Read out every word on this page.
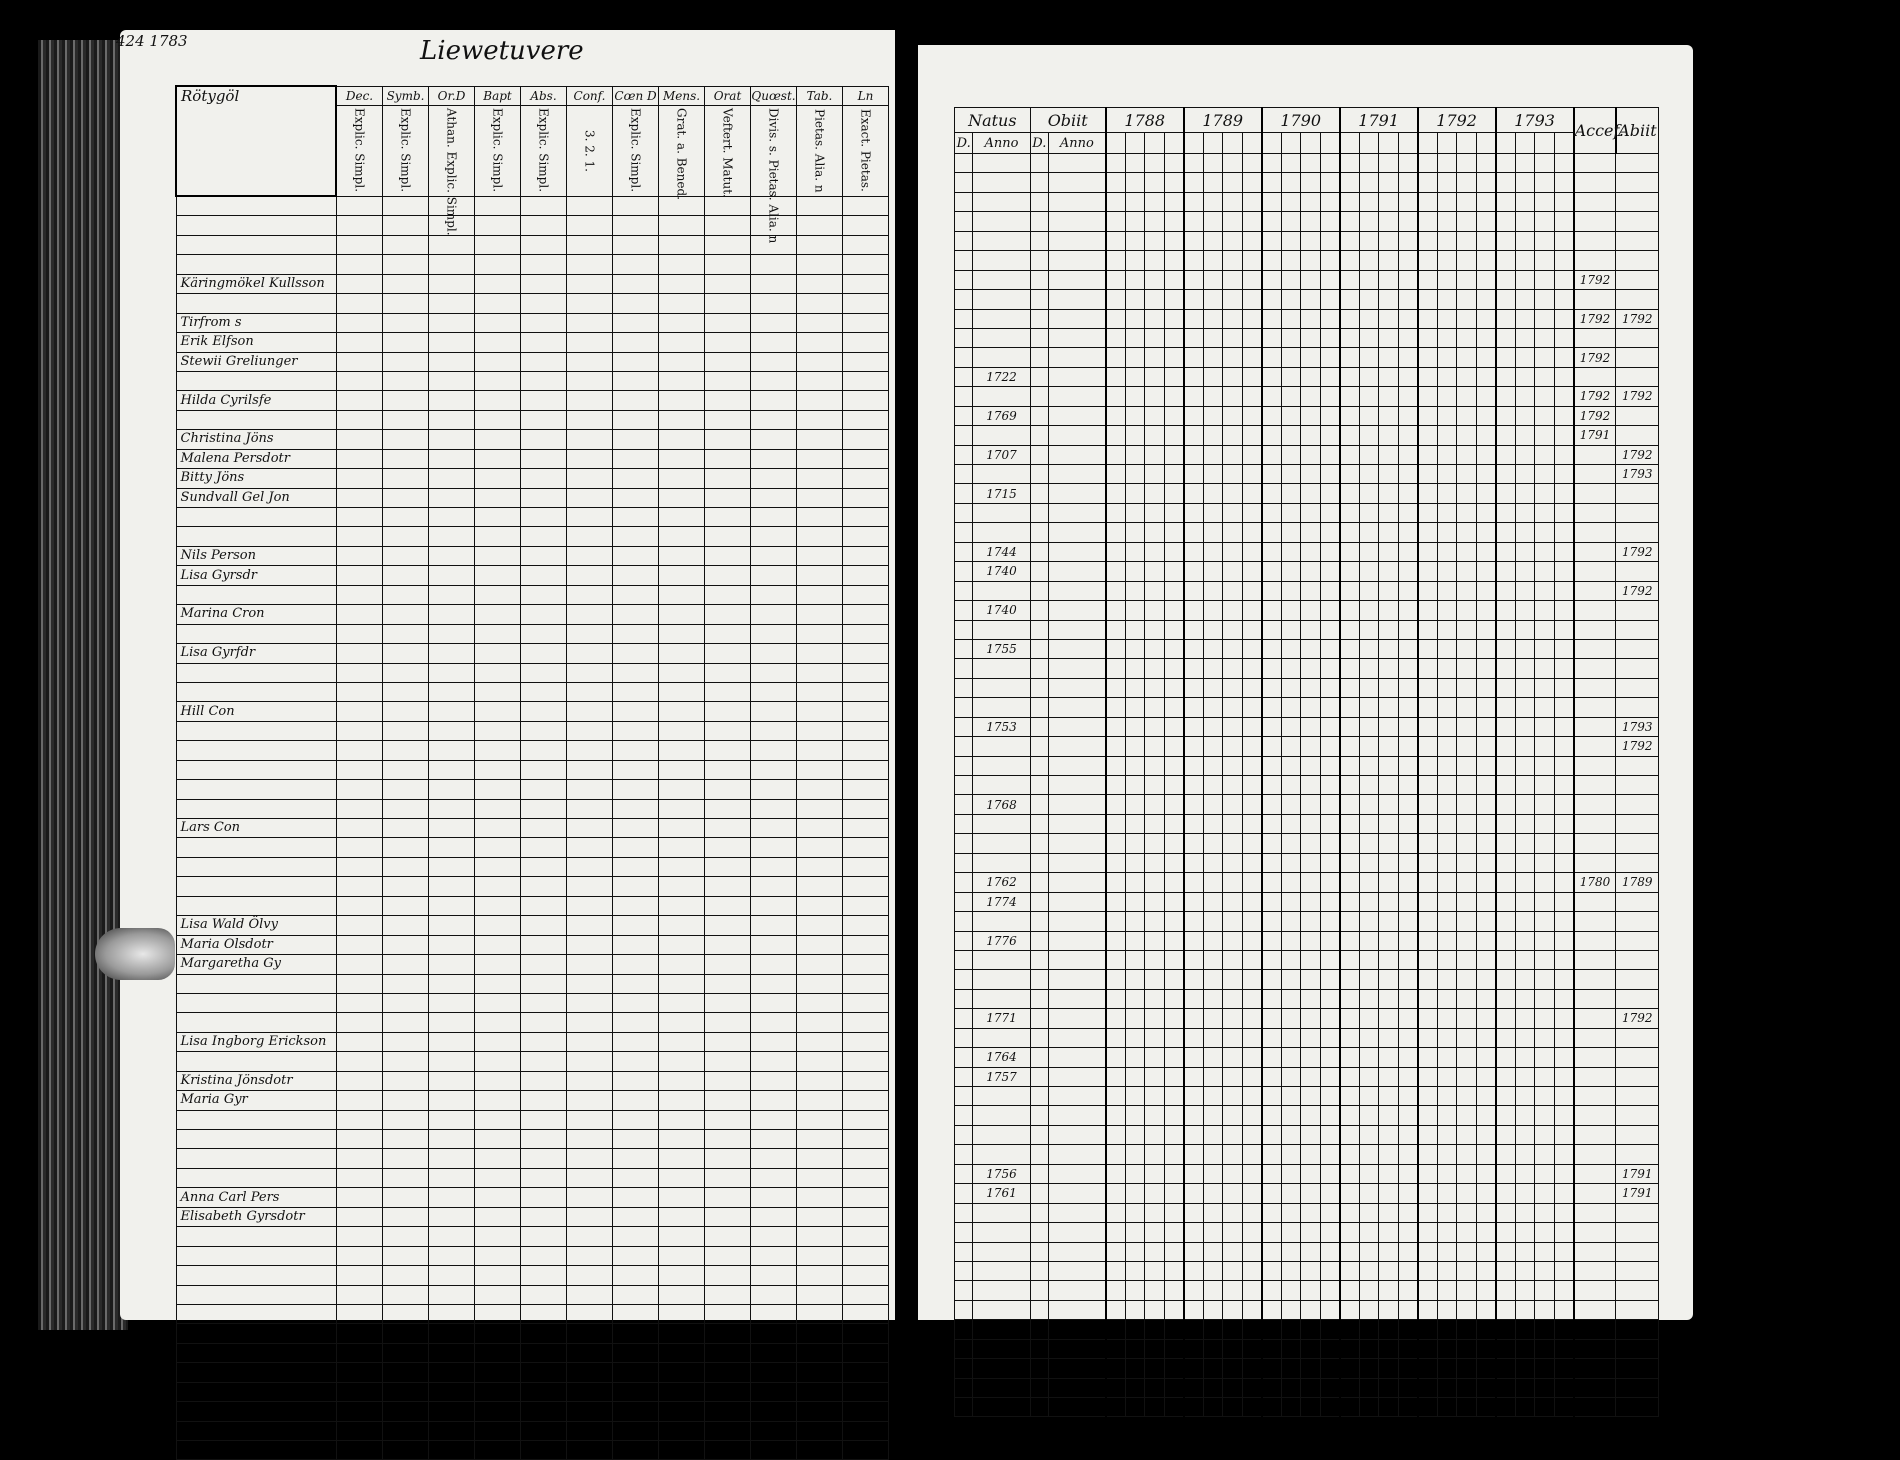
424 1783	Liewetuvere
Rötygöl	Dec.	Symb.	Or.D	Bapt	Abs.	Conf.	Cœn D	Mens.	Orat	Quœst.	Tab.	Ln

	Explic. Simpl.	Explic. Simpl.	Athan. Explic. Simpl.	Explic. Simpl.	Explic. Simpl.	3. 2. 1.	Explic. Simpl.	Grat. a. Bened.	Veftert. Matut.	Divis. s. Pietas. Alia. n	Pietas. Alia. n	Exact. Pietas.

Käringmökel Kullsson												

Tirfrom s												
Erik Elfson												
Stewii Greliunger												

Hilda Cyrilsfe												

Christina Jöns												
Malena Persdotr												
Bitty Jöns												
Sundvall Gel Jon												

Nils Person												
Lisa Gyrsdr												

Marina Cron												

Lisa Gyrfdr												

Hill Con												

Lars Con												

Lisa Wald Ölvy												
Maria Olsdotr												
Margaretha Gy												

Lisa Ingborg Erickson												

Kristina Jönsdotr												
Maria Gyr												

Anna Carl Pers												
Elisabeth Gyrsdotr												

Natus		Obiit		1788				1789				1790				1791				1792				1793				Accef.	Abiit
D.	Anno	D.	Anno																										

																												1792	

																												1792	1792

																												1792	
	1722																												
																												1792	1792
	1769																											1792	
																												1791	
	1707																												1792
																													1793
	1715																												

	1744																												1792
	1740																												
																													1792
	1740																												

	1755																												

	1753																												1793
																													1792

	1768																												

	1762																											1780	1789
	1774																												

	1776																												

	1771																												1792

	1764																												
	1757																												

	1756																												1791
	1761																												1791
